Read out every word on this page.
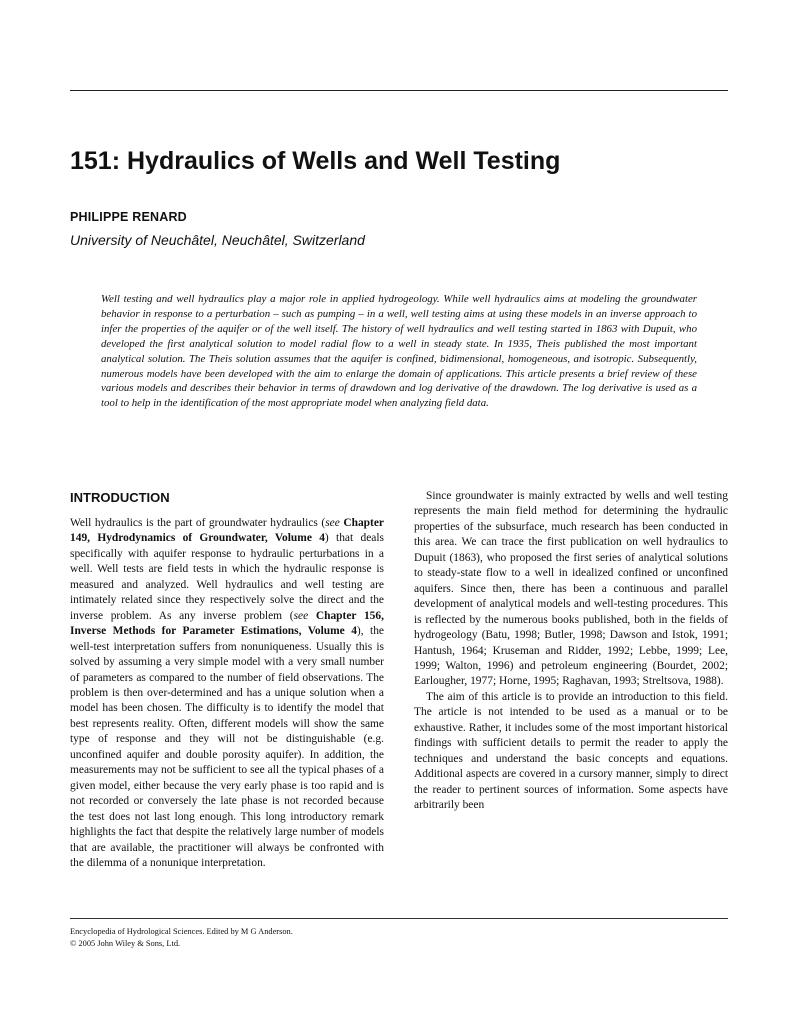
151: Hydraulics of Wells and Well Testing
PHILIPPE RENARD
University of Neuchâtel, Neuchâtel, Switzerland

Well testing and well hydraulics play a major role in applied hydrogeology. While well hydraulics aims at modeling the groundwater behavior in response to a perturbation – such as pumping – in a well, well testing aims at using these models in an inverse approach to infer the properties of the aquifer or of the well itself. The history of well hydraulics and well testing started in 1863 with Dupuit, who developed the first analytical solution to model radial flow to a well in steady state. In 1935, Theis published the most important analytical solution. The Theis solution assumes that the aquifer is confined, bidimensional, homogeneous, and isotropic. Subsequently, numerous models have been developed with the aim to enlarge the domain of applications. This article presents a brief review of these various models and describes their behavior in terms of drawdown and log derivative of the drawdown. The log derivative is used as a tool to help in the identification of the most appropriate model when analyzing field data.

INTRODUCTION

Well hydraulics is the part of groundwater hydraulics (see Chapter 149, Hydrodynamics of Groundwater, Volume 4) that deals specifically with aquifer response to hydraulic perturbations in a well. Well tests are field tests in which the hydraulic response is measured and analyzed. Well hydraulics and well testing are intimately related since they respectively solve the direct and the inverse problem. As any inverse problem (see Chapter 156, Inverse Methods for Parameter Estimations, Volume 4), the well-test interpretation suffers from nonuniqueness. Usually this is solved by assuming a very simple model with a very small number of parameters as compared to the number of field observations. The problem is then over-determined and has a unique solution when a model has been chosen. The difficulty is to identify the model that best represents reality. Often, different models will show the same type of response and they will not be distinguishable (e.g. unconfined aquifer and double porosity aquifer). In addition, the measurements may not be sufficient to see all the typical phases of a given model, either because the very early phase is too rapid and is not recorded or conversely the late phase is not recorded because the test does not last long enough. This long introductory remark highlights the fact that despite the relatively large number of models that are available, the practitioner will always be confronted with the dilemma of a nonunique interpretation.

Since groundwater is mainly extracted by wells and well testing represents the main field method for determining the hydraulic properties of the subsurface, much research has been conducted in this area. We can trace the first publication on well hydraulics to Dupuit (1863), who proposed the first series of analytical solutions to steady-state flow to a well in idealized confined or unconfined aquifers. Since then, there has been a continuous and parallel development of analytical models and well-testing procedures. This is reflected by the numerous books published, both in the fields of hydrogeology (Batu, 1998; Butler, 1998; Dawson and Istok, 1991; Hantush, 1964; Kruseman and Ridder, 1992; Lebbe, 1999; Lee, 1999; Walton, 1996) and petroleum engineering (Bourdet, 2002; Earlougher, 1977; Horne, 1995; Raghavan, 1993; Streltsova, 1988).

The aim of this article is to provide an introduction to this field. The article is not intended to be used as a manual or to be exhaustive. Rather, it includes some of the most important historical findings with sufficient details to permit the reader to apply the techniques and understand the basic concepts and equations. Additional aspects are covered in a cursory manner, simply to direct the reader to pertinent sources of information. Some aspects have arbitrarily been

Encyclopedia of Hydrological Sciences. Edited by M G Anderson.
© 2005 John Wiley & Sons, Ltd.
